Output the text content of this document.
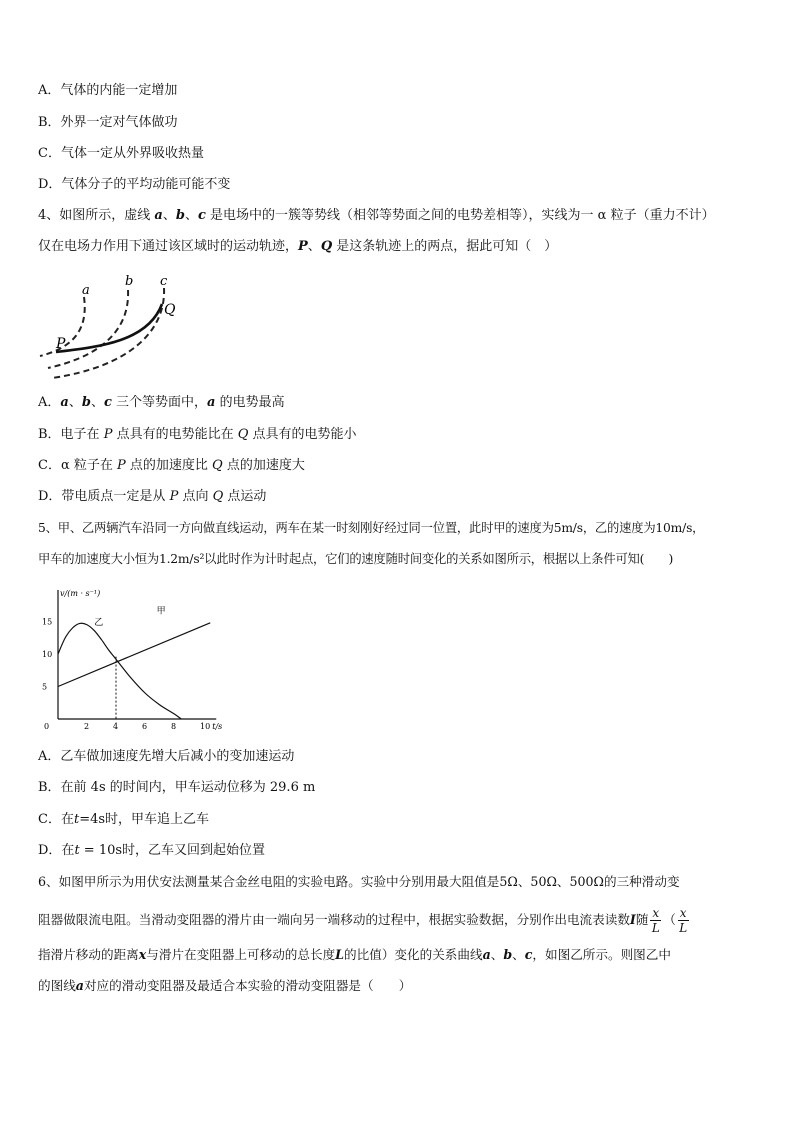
A．气体的内能一定增加
B．外界一定对气体做功
C．气体一定从外界吸收热量
D．气体分子的平均动能可能不变
4、如图所示，虚线 a、b、c 是电场中的一簇等势线（相邻等势面之间的电势差相等），实线为一 α 粒子（重力不计）
仅在电场力作用下通过该区域时的运动轨迹，P、Q 是这条轨迹上的两点，据此可知（　）
a
b c
P
Q
A．a、b、c 三个等势面中，a 的电势最高
B．电子在 P 点具有的电势能比在 Q 点具有的电势能小
C．α 粒子在 P 点的加速度比 Q 点的加速度大
D．带电质点一定是从 P 点向 Q 点运动
5、甲、乙两辆汽车沿同一方向做直线运动，两车在某一时刻刚好经过同一位置，此时甲的速度为5m/s，乙的速度为10m/s，
甲车的加速度大小恒为1.2m/s²以此时作为计时起点，它们的速度随时间变化的关系如图所示，根据以上条件可知(　　)
v/(m · s⁻¹)
t/s
0	2	4	6	8	10
5
10
15
甲
乙
A．乙车做加速度先增大后减小的变加速运动
B．在前 4s 的时间内，甲车运动位移为 29.6 m
C．在t=4s时，甲车追上乙车
D．在t = 10s时，乙车又回到起始位置
6、如图甲所示为用伏安法测量某合金丝电阻的实验电路。实验中分别用最大阻值是5Ω、50Ω、500Ω的三种滑动变
阻器做限流电阻。当滑动变阻器的滑片由一端向另一端移动的过程中，根据实验数据，分别作出电流表读数I随 $\frac{x}{L}$ （ $\frac{x}{L}$
指滑片移动的距离x与滑片在变阻器上可移动的总长度L的比值）变化的关系曲线a、b、c，如图乙所示。则图乙中
的图线a对应的滑动变阻器及最适合本实验的滑动变阻器是（　　）
